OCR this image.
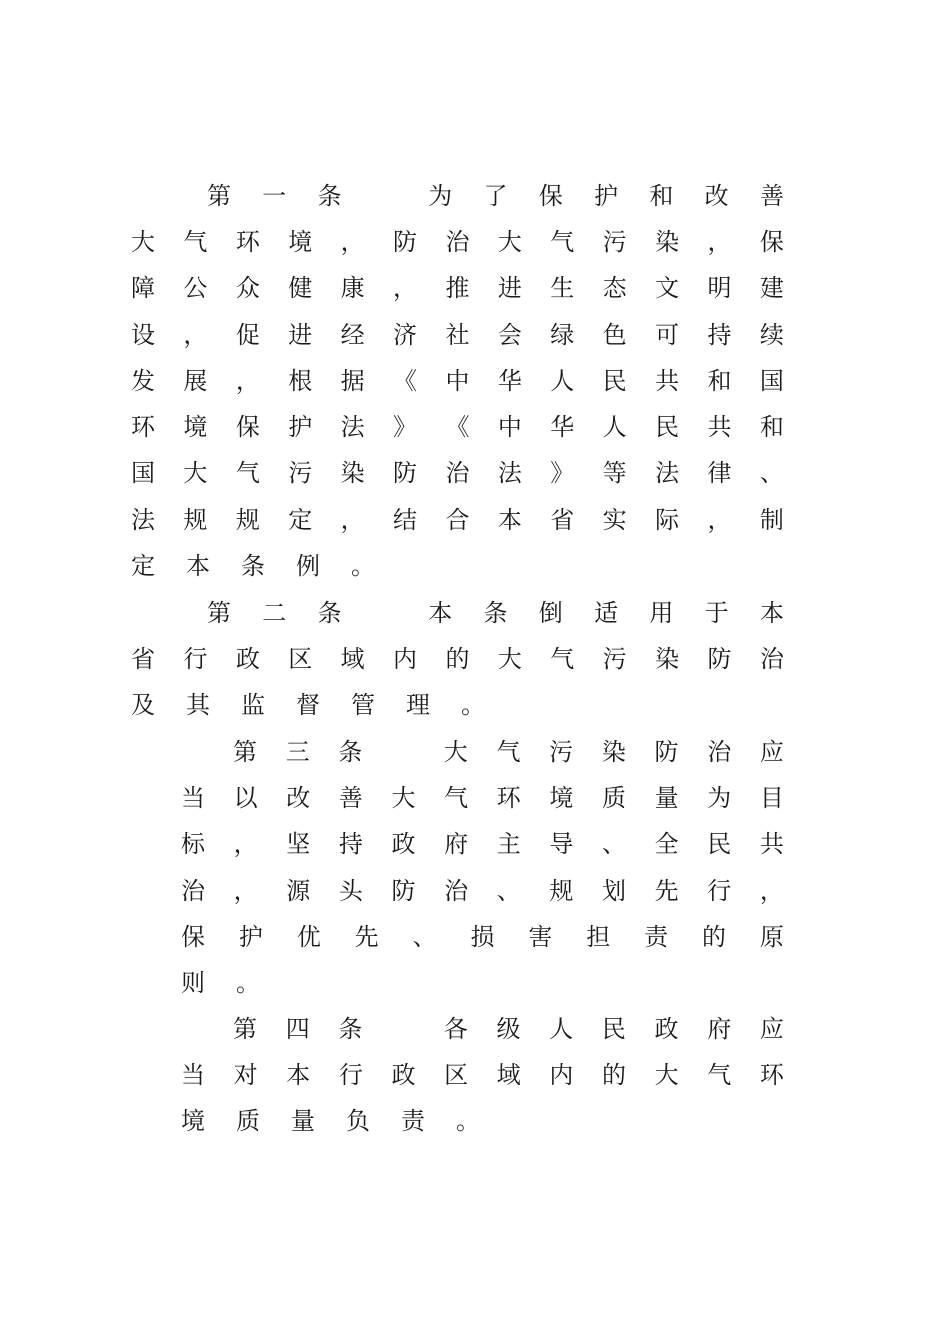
第 一 条	为 了 保 护 和 改 善
大 气 环 境 ， 防 治 大 气 污 染 ， 保
障 公 众 健 康 ， 推 进 生 态 文 明 建
设 ， 促 进 经 济 社 会 绿 色 可 持 续
发 展 ， 根 据 《 中 华 人 民 共 和 国
环 境 保 护 法 》 《 中 华 人 民 共 和
国 大 气 污 染 防 治 法 》 等 法 律 、
法 规 规 定 ， 结 合 本 省 实 际 ， 制
定 本 条 例 。
第 二 条	本 条 倒 适 用 于 本
省 行 政 区 域 内 的 大 气 污 染 防 治
及 其 监 督 管 理 。
第 三 条	大 气 污 染 防 治 应
当 以 改 善 大 气 环 境 质 量 为 目
标 ， 坚 持 政 府 主 导 、 全 民 共
治 ， 源 头 防 治 、 规 划 先 行 ，
保 护 优 先 、 损 害 担 责 的 原
则 。
第 四 条	各 级 人 民 政 府 应
当 对 本 行 政 区 域 内 的 大 气 环
境 质 量 负 责 。
